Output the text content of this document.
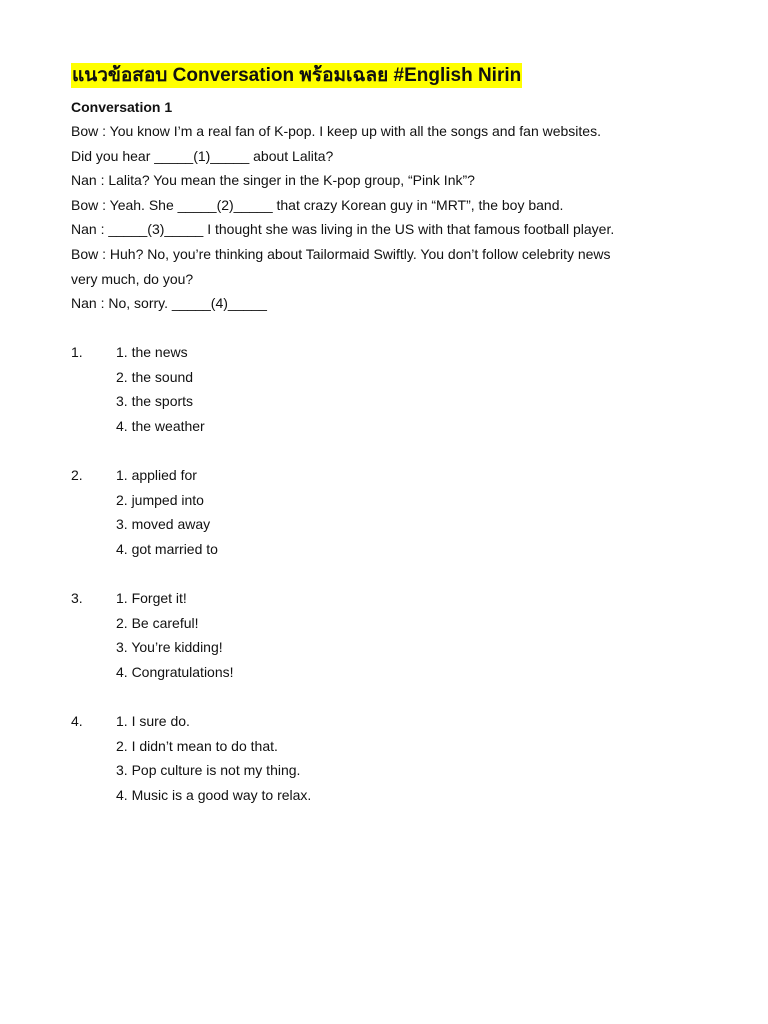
แนวข้อสอบ Conversation พร้อมเฉลย #English Nirin
Conversation 1
Bow : You know I’m a real fan of K-pop. I keep up with all the songs and fan websites.
Did you hear _____(1)_____ about Lalita?
Nan : Lalita? You mean the singer in the K-pop group, “Pink Ink”?
Bow : Yeah. She _____(2)_____ that crazy Korean guy in “MRT”, the boy band.
Nan : _____(3)_____ I thought she was living in the US with that famous football player.
Bow : Huh? No, you’re thinking about Tailormaid Swiftly. You don’t follow celebrity news
very much, do you?
Nan : No, sorry. _____(4)_____
1.	1. the news
2. the sound
3. the sports
4. the weather
2.	1. applied for
2. jumped into
3. moved away
4. got married to
3.	1. Forget it!
2. Be careful!
3. You’re kidding!
4. Congratulations!
4.	1. I sure do.
2. I didn’t mean to do that.
3. Pop culture is not my thing.
4. Music is a good way to relax.
